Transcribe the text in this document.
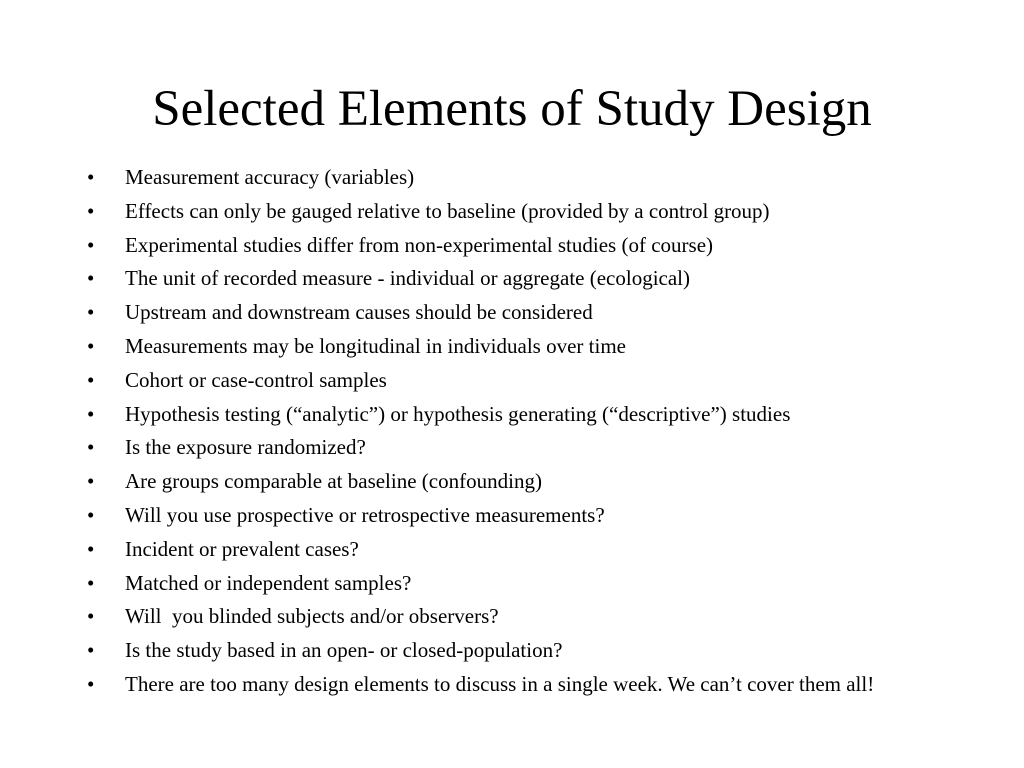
Selected Elements of Study Design
•	Measurement accuracy (variables)
•	Effects can only be gauged relative to baseline (provided by a control group)
•	Experimental studies differ from non-experimental studies (of course)
•	The unit of recorded measure - individual or aggregate (ecological)
•	Upstream and downstream causes should be considered
•	Measurements may be longitudinal in individuals over time
•	Cohort or case-control samples
•	Hypothesis testing (“analytic”) or hypothesis generating (“descriptive”) studies
•	Is the exposure randomized?
•	Are groups comparable at baseline (confounding)
•	Will you use prospective or retrospective measurements?
•	Incident or prevalent cases?
•	Matched or independent samples?
•	Will  you blinded subjects and/or observers?
•	Is the study based in an open- or closed-population?
•	There are too many design elements to discuss in a single week. We can’t cover them all!
